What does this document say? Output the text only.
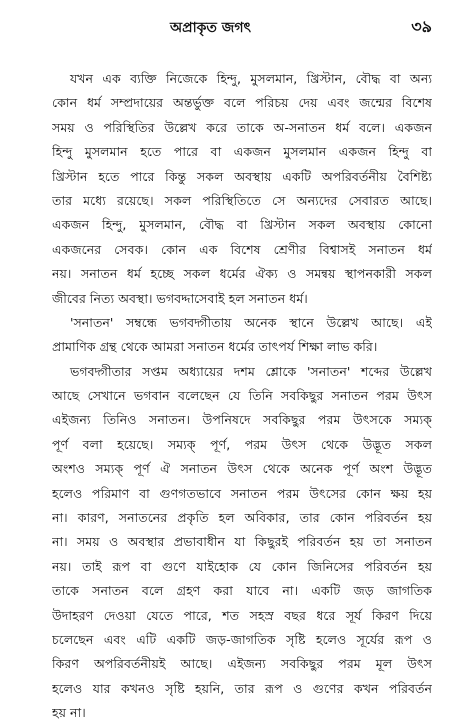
অপ্রাকৃত জগৎ	৩৯
যখন এক ব্যক্তি নিজেকে হিন্দু, মুসলমান, খ্রিস্টান, বৌদ্ধ বা অন্য
কোন ধর্ম সম্প্রদায়ের অন্তর্ভুক্ত বলে পরিচয় দেয় এবং জন্মের বিশেষ
সময় ও পরিস্থিতির উল্লেখ করে তাকে অ-সনাতন ধর্ম বলে। একজন
হিন্দু মুসলমান হতে পারে বা একজন মুসলমান একজন হিন্দু বা
খ্রিস্টান হতে পারে কিন্তু সকল অবস্থায় একটি অপরিবর্তনীয় বৈশিষ্ট্য
তার মধ্যে রয়েছে। সকল পরিস্থিতিতে সে অন্যদের সেবারত আছে।
একজন হিন্দু, মুসলমান, বৌদ্ধ বা খ্রিস্টান সকল অবস্থায় কোনো
একজনের সেবক। কোন এক বিশেষ শ্রেণীর বিশ্বাসই সনাতন ধর্ম
নয়। সনাতন ধর্ম হচ্ছে সকল ধর্মের ঐক্য ও সমন্বয় স্থাপনকারী সকল
জীবের নিত্য অবস্থা। ভগবদ্দাসেবাই হল সনাতন ধর্ম।
'সনাতন' সম্বন্ধে ভগবদ্গীতায় অনেক স্থানে উল্লেখ আছে। এই
প্রামাণিক গ্রন্থ থেকে আমরা সনাতন ধর্মের তাৎপর্য শিক্ষা লাভ করি।
ভগবদ্গীতার সপ্তম অধ্যায়ের দশম শ্লোকে 'সনাতন' শব্দের উল্লেখ
আছে সেখানে ভগবান বলেছেন যে তিনি সবকিছুর সনাতন পরম উৎস
এইজন্য তিনিও সনাতন। উপনিষদে সবকিছুর পরম উৎসকে সম্যক্
পূর্ণ বলা হয়েছে। সম্যক্ পূর্ণ, পরম উৎস থেকে উদ্ভূত সকল
অংশও সম্যক্ পূর্ণ ঐ সনাতন উৎস থেকে অনেক পূর্ণ অংশ উদ্ভূত
হলেও পরিমাণ বা গুণগতভাবে সনাতন পরম উৎসের কোন ক্ষয় হয়
না। কারণ, সনাতনের প্রকৃতি হল অবিকার, তার কোন পরিবর্তন হয়
না। সময় ও অবস্থার প্রভাবাধীন যা কিছুরই পরিবর্তন হয় তা সনাতন
নয়। তাই রূপ বা গুণে যাইহোক যে কোন জিনিসের পরিবর্তন হয়
তাকে সনাতন বলে গ্রহণ করা যাবে না। একটি জড় জাগতিক
উদাহরণ দেওয়া যেতে পারে, শত সহস্র বছর ধরে সূর্য কিরণ দিয়ে
চলেছেন এবং এটি একটি জড়-জাগতিক সৃষ্টি হলেও সূর্যের রূপ ও
কিরণ অপরিবর্তনীয়ই আছে। এইজন্য সবকিছুর পরম মূল উৎস
হলেও যার কখনও সৃষ্টি হয়নি, তার রূপ ও গুণের কখন পরিবর্তন
হয় না।
